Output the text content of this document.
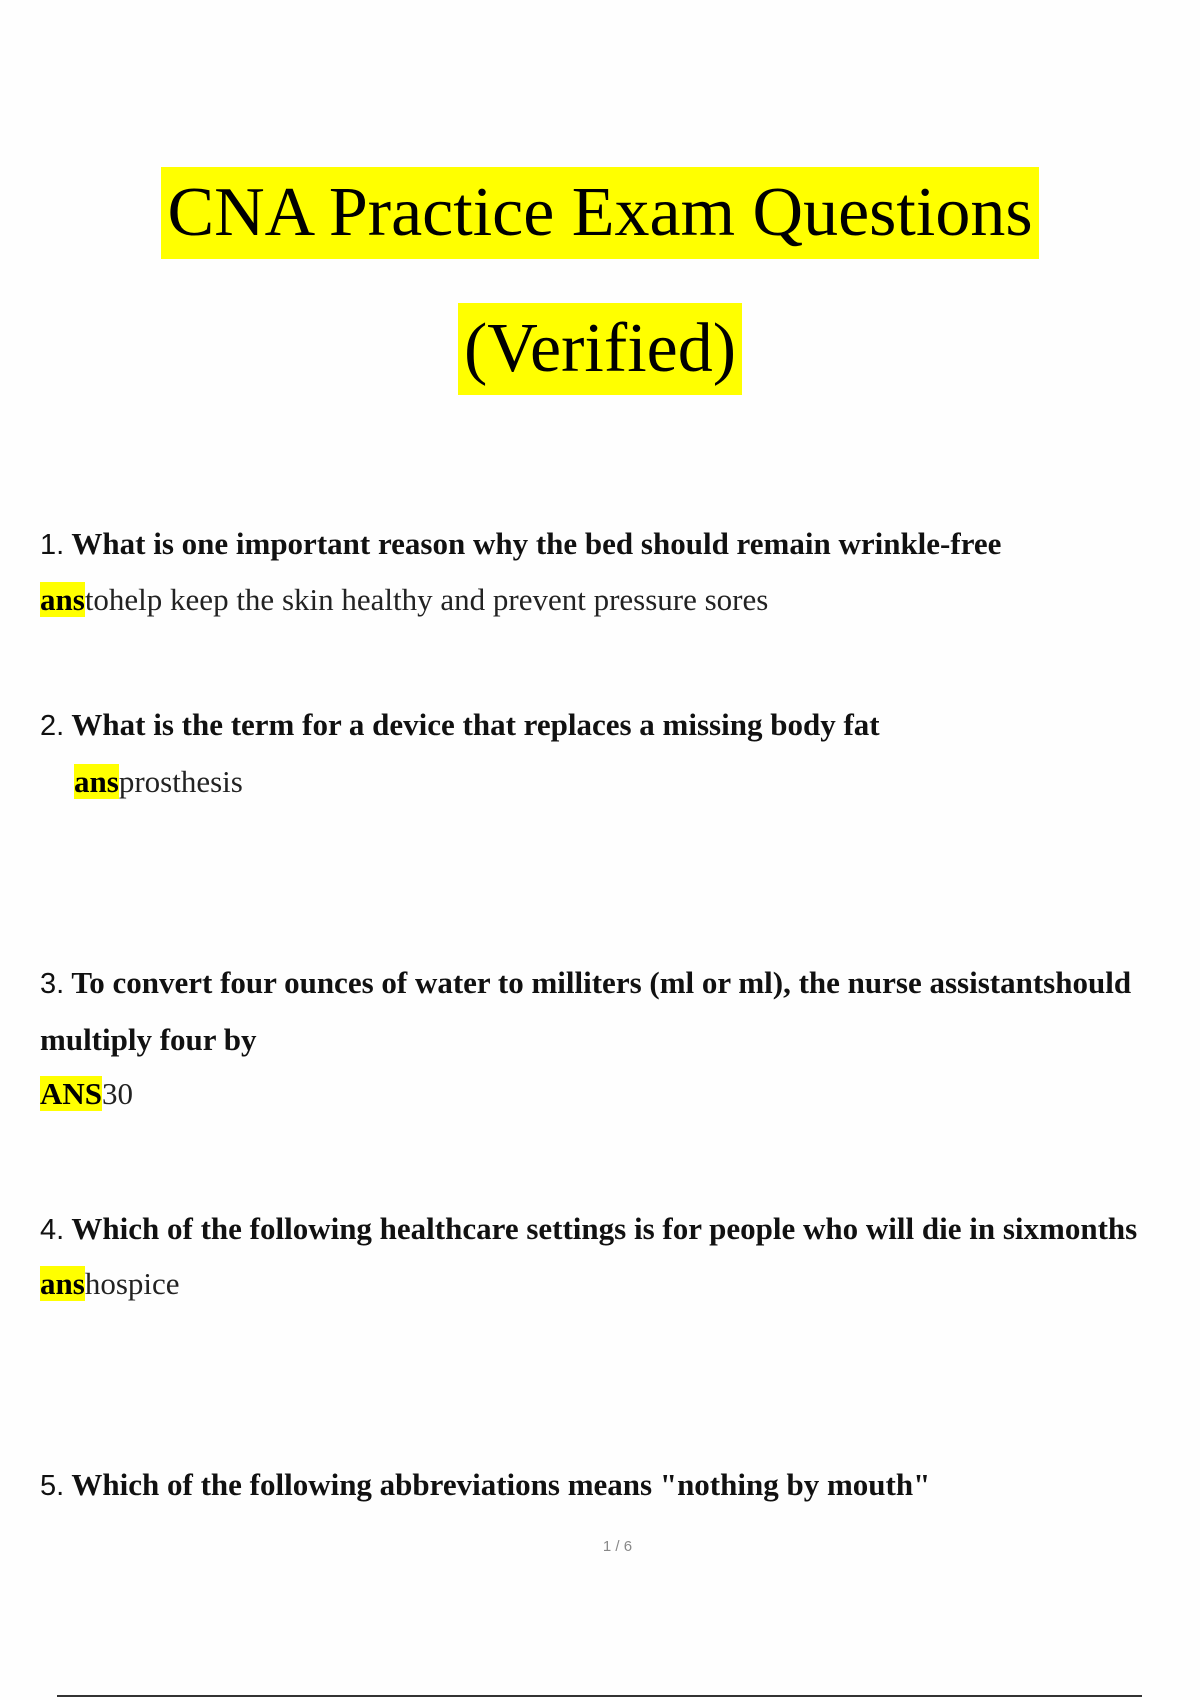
CNA Practice Exam Questions
(Verified)
1. What is one important reason why the bed should remain wrinkle-free
anstohelp keep the skin healthy and prevent pressure sores
2. What is the term for a device that replaces a missing body fat
ansprosthesis
3. To convert four ounces of water to milliters (ml or ml), the nurse assistantshould multiply four by
ANS30
4. Which of the following healthcare settings is for people who will die in sixmonths
anshospice
5. Which of the following abbreviations means "nothing by mouth"
1 / 6
